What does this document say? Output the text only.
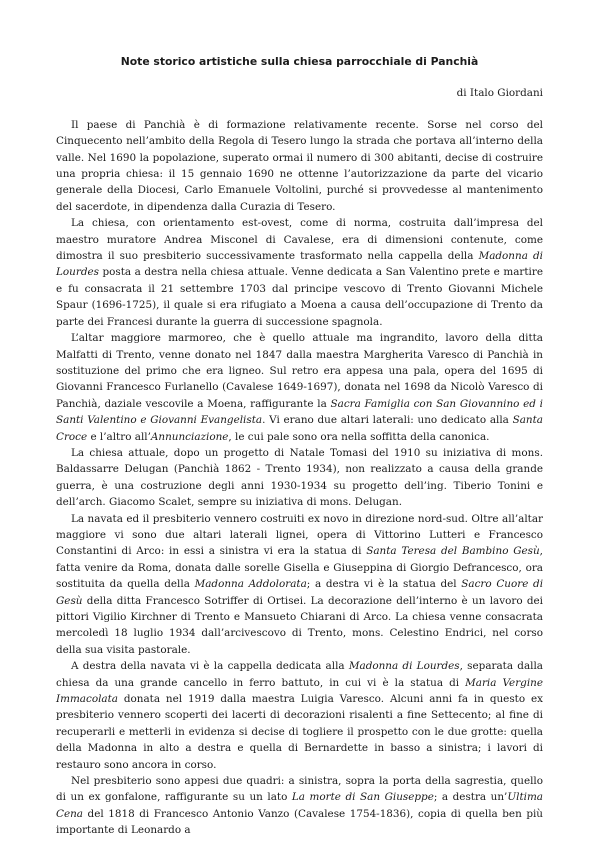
Note storico artistiche sulla chiesa parrocchiale di Panchià

di Italo Giordani

Il paese di Panchià è di formazione relativamente recente. Sorse nel corso del Cinquecento nell’ambito della Regola di Tesero lungo la strada che portava all’interno della valle. Nel 1690 la popolazione, superato ormai il numero di 300 abitanti, decise di costruire una propria chiesa: il 15 gennaio 1690 ne ottenne l’autorizzazione da parte del vicario generale della Diocesi, Carlo Emanuele Voltolini, purché si provvedesse al mantenimento del sacerdote, in dipendenza dalla Curazia di Tesero.

La chiesa, con orientamento est-ovest, come di norma, costruita dall’impresa del maestro muratore Andrea Misconel di Cavalese, era di dimensioni contenute, come dimostra il suo presbiterio successivamente trasformato nella cappella della Madonna di Lourdes posta a destra nella chiesa attuale. Venne dedicata a San Valentino prete e martire e fu consacrata il 21 settembre 1703 dal principe vescovo di Trento Giovanni Michele Spaur (1696-1725), il quale si era rifugiato a Moena a causa dell’occupazione di Trento da parte dei Francesi durante la guerra di successione spagnola.

L’altar maggiore marmoreo, che è quello attuale ma ingrandito, lavoro della ditta Malfatti di Trento, venne donato nel 1847 dalla maestra Margherita Varesco di Panchià in sostituzione del primo che era ligneo. Sul retro era appesa una pala, opera del 1695 di Giovanni Francesco Furlanello (Cavalese 1649-1697), donata nel 1698 da Nicolò Varesco di Panchià, daziale vescovile a Moena, raffigurante la Sacra Famiglia con San Giovannino ed i Santi Valentino e Giovanni Evangelista. Vi erano due altari laterali: uno dedicato alla Santa Croce e l’altro all’Annunciazione, le cui pale sono ora nella soffitta della canonica.

La chiesa attuale, dopo un progetto di Natale Tomasi del 1910 su iniziativa di mons. Baldassarre Delugan (Panchià 1862 - Trento 1934), non realizzato a causa della grande guerra, è una costruzione degli anni 1930-1934 su progetto dell’ing. Tiberio Tonini e dell’arch. Giacomo Scalet, sempre su iniziativa di mons. Delugan.

La navata ed il presbiterio vennero costruiti ex novo in direzione nord-sud. Oltre all’altar maggiore vi sono due altari laterali lignei, opera di Vittorino Lutteri e Francesco Constantini di Arco: in essi a sinistra vi era la statua di Santa Teresa del Bambino Gesù, fatta venire da Roma, donata dalle sorelle Gisella e Giuseppina di Giorgio Defrancesco, ora sostituita da quella della Madonna Addolorata; a destra vi è la statua del Sacro Cuore di Gesù della ditta Francesco Sotriffer di Ortisei. La decorazione dell’interno è un lavoro dei pittori Vigilio Kirchner di Trento e Mansueto Chiarani di Arco. La chiesa venne consacrata mercoledì 18 luglio 1934 dall’arcivescovo di Trento, mons. Celestino Endrici, nel corso della sua visita pastorale.

A destra della navata vi è la cappella dedicata alla Madonna di Lourdes, separata dalla chiesa da una grande cancello in ferro battuto, in cui vi è la statua di Maria Vergine Immacolata donata nel 1919 dalla maestra Luigia Varesco. Alcuni anni fa in questo ex presbiterio vennero scoperti dei lacerti di decorazioni risalenti a fine Settecento; al fine di recuperarli e metterli in evidenza si decise di togliere il prospetto con le due grotte: quella della Madonna in alto a destra e quella di Bernardette in basso a sinistra; i lavori di restauro sono ancora in corso.

Nel presbiterio sono appesi due quadri: a sinistra, sopra la porta della sagrestia, quello di un ex gonfalone, raffigurante su un lato La morte di San Giuseppe; a destra un’Ultima Cena del 1818 di Francesco Antonio Vanzo (Cavalese 1754-1836), copia di quella ben più importante di Leonardo a
